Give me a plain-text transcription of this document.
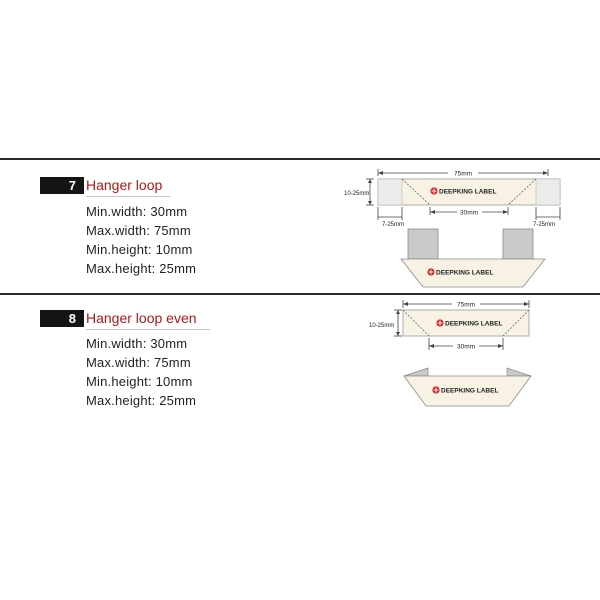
7 Hanger loop
Min.width: 30mm
Max.width: 75mm
Min.height: 10mm
Max.height: 25mm
75mm
DEEPKING LABEL
10-25mm
30mm
7-25mm	7-25mm
DEEPKING LABEL
8 Hanger loop even
Min.width: 30mm
Max.width: 75mm
Min.height: 10mm
Max.height: 25mm
75mm
DEEPKING LABEL
10-25mm
30mm
DEEPKING LABEL
